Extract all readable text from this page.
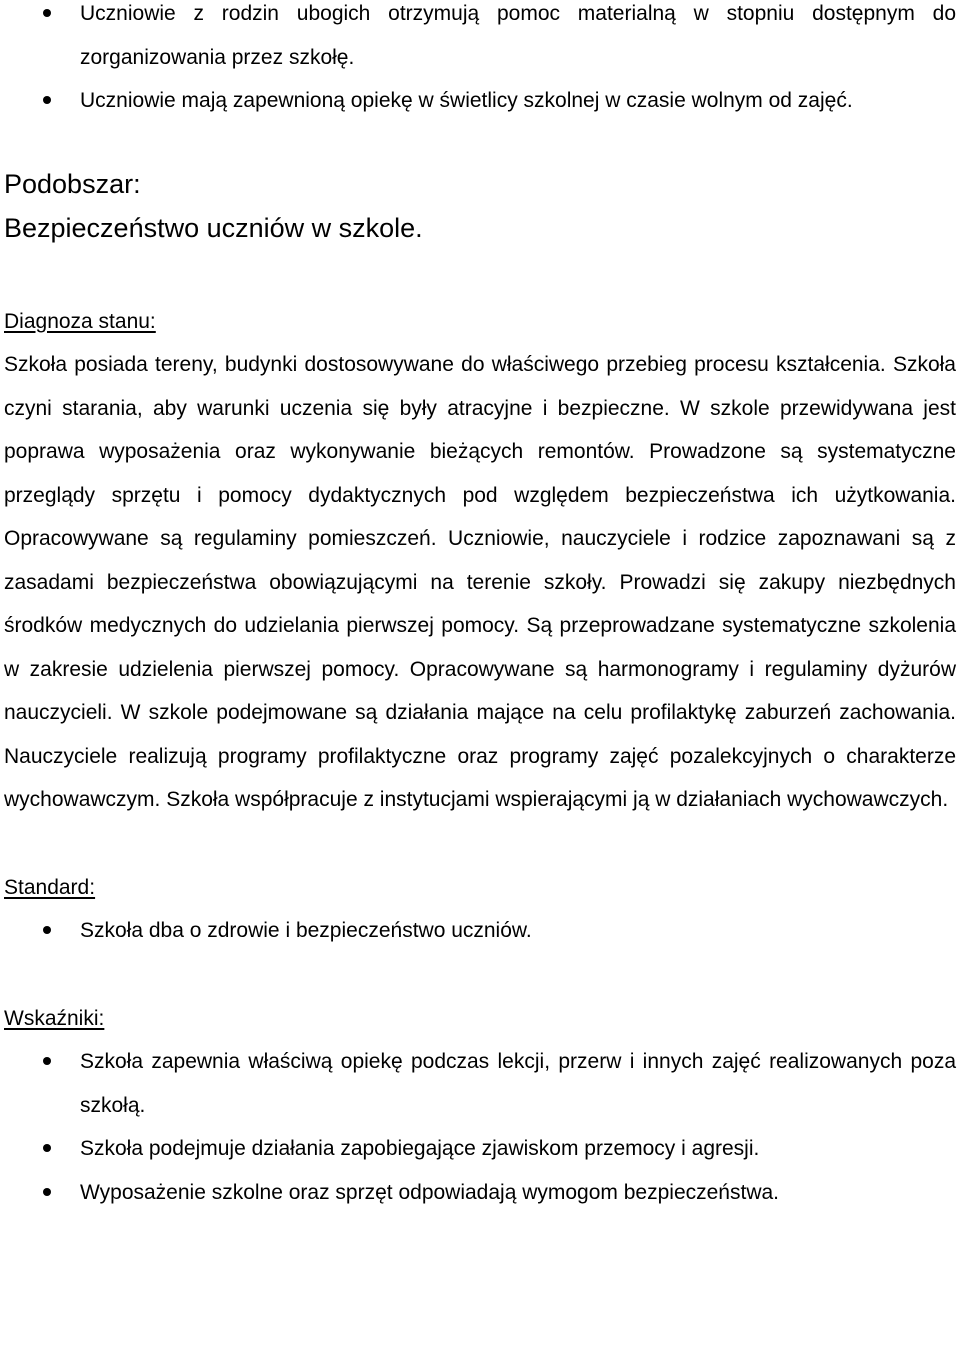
Uczniowie z rodzin ubogich otrzymują pomoc materialną w stopniu dostępnym do zorganizowania przez szkołę.
Uczniowie mają zapewnioną opiekę w świetlicy szkolnej w czasie wolnym od zajęć.
Podobszar:
Bezpieczeństwo uczniów w szkole.
Diagnoza stanu:
Szkoła posiada tereny, budynki dostosowywane do właściwego przebieg procesu kształcenia. Szkoła czyni starania, aby warunki uczenia się były atracyjne i bezpieczne. W szkole przewidywana jest poprawa wyposażenia oraz wykonywanie bieżących remontów. Prowadzone są systematyczne przeglądy sprzętu i pomocy dydaktycznych pod względem bezpieczeństwa ich użytkowania. Opracowywane są regulaminy pomieszczeń. Uczniowie, nauczyciele i rodzice zapoznawani są z zasadami bezpieczeństwa obowiązującymi na terenie szkoły. Prowadzi się zakupy niezbędnych środków medycznych do udzielania pierwszej pomocy. Są przeprowadzane systematyczne szkolenia w zakresie udzielenia pierwszej pomocy. Opracowywane są harmonogramy i regulaminy dyżurów nauczycieli. W szkole podejmowane są działania mające na celu profilaktykę zaburzeń zachowania. Nauczyciele realizują programy profilaktyczne oraz programy zajęć pozalekcyjnych o charakterze wychowawczym. Szkoła współpracuje z instytucjami wspierającymi ją w działaniach wychowawczych.
Standard:
Szkoła dba o zdrowie i bezpieczeństwo uczniów.
Wskaźniki:
Szkoła zapewnia właściwą opiekę podczas lekcji, przerw i innych zajęć realizowanych poza szkołą.
Szkoła podejmuje działania zapobiegające zjawiskom przemocy i agresji.
Wyposażenie szkolne oraz sprzęt odpowiadają wymogom bezpieczeństwa.
